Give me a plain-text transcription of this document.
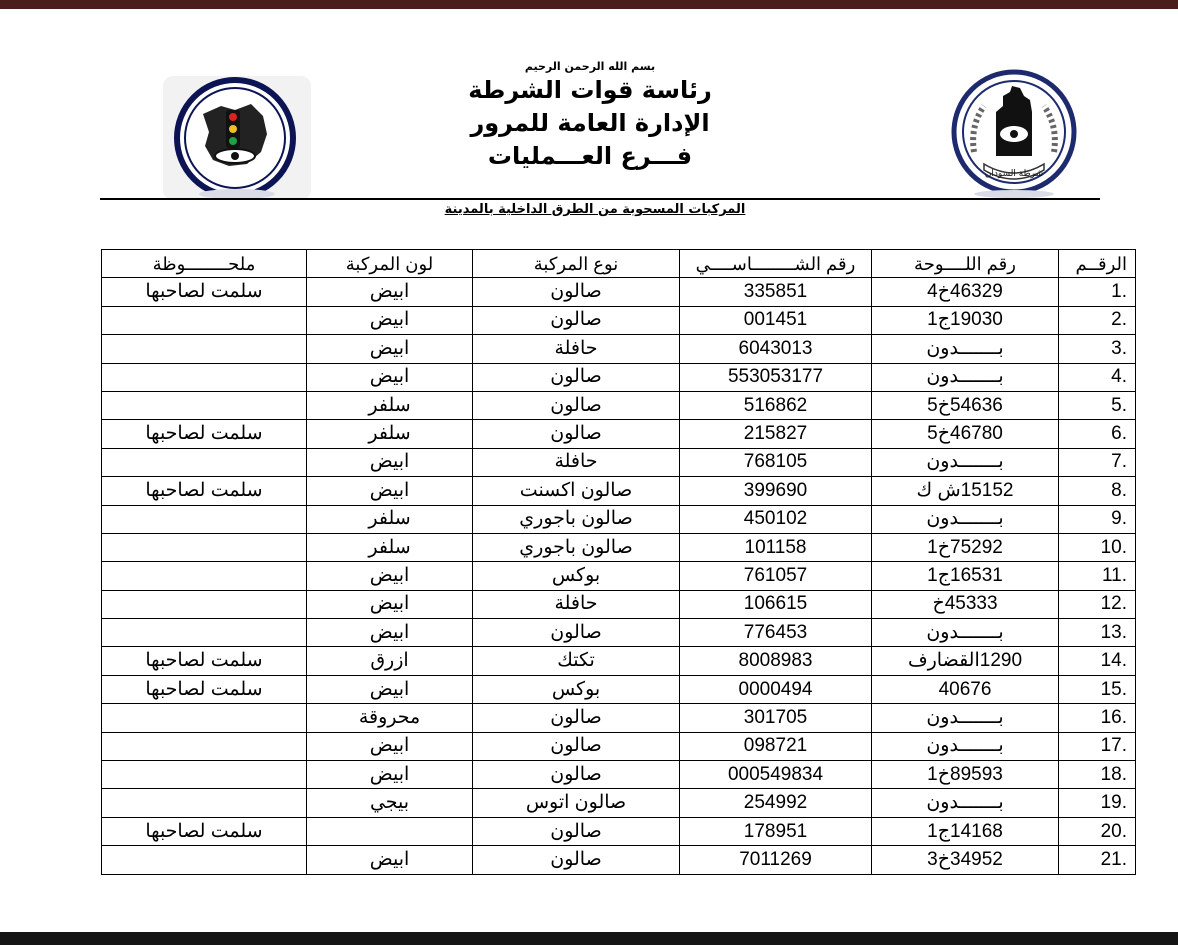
بسم الله الرحمن الرحيم
رئاسة قوات الشرطة
الإدارة العامة للمرور
فـــرع العـــمليات
شرطة السودان
المركبات المسحوبة من الطرق الداخلية بالمدينة
الرقــم	رقم اللــــوحة	رقم الشــــــــاســــي	نوع المركبة	لون المركبة	ملحــــــــوظة
1.	46329خ4	335851	صالون	ابيض	سلمت لصاحبها
2.	19030ج1	001451	صالون	ابيض	
3.	بـــــــدون	6043013	حافلة	ابيض	
4.	بـــــــدون	553053177	صالون	ابيض	
5.	54636خ5	516862	صالون	سلفر	
6.	46780خ5	215827	صالون	سلفر	سلمت لصاحبها
7.	بـــــــدون	768105	حافلة	ابيض	
8.	15152ش ك	399690	صالون اكسنت	ابيض	سلمت لصاحبها
9.	بـــــــدون	450102	صالون باجوري	سلفر	
10.	75292خ1	101158	صالون باجوري	سلفر	
11.	16531ج1	761057	بوكس	ابيض	
12.	45333خ	106615	حافلة	ابيض	
13.	بـــــــدون	776453	صالون	ابيض	
14.	1290القضارف	8008983	تكتك	ازرق	سلمت لصاحبها
15.	40676	0000494	بوكس	ابيض	سلمت لصاحبها
16.	بـــــــدون	301705	صالون	محروقة	
17.	بـــــــدون	098721	صالون	ابيض	
18.	89593خ1	000549834	صالون	ابيض	
19.	بـــــــدون	254992	صالون اتوس	بيجي	
20.	14168ج1	178951	صالون		سلمت لصاحبها
21.	34952خ3	7011269	صالون	ابيض	
